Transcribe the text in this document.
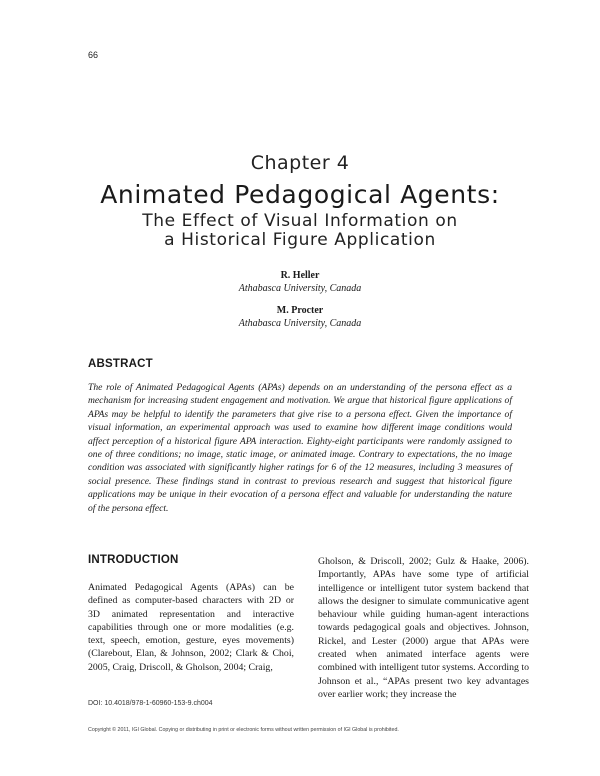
66
Chapter 4
Animated Pedagogical Agents:
The Effect of Visual Information on
a Historical Figure Application
R. Heller
Athabasca University, Canada
M. Procter
Athabasca University, Canada
ABSTRACT
The role of Animated Pedagogical Agents (APAs) depends on an understanding of the persona effect as a mechanism for increasing student engagement and motivation. We argue that historical figure applications of APAs may be helpful to identify the parameters that give rise to a persona effect. Given the importance of visual information, an experimental approach was used to examine how different image conditions would affect perception of a historical figure APA interaction. Eighty-eight participants were randomly assigned to one of three conditions; no image, static image, or animated image. Contrary to expectations, the no image condition was associated with significantly higher ratings for 6 of the 12 measures, including 3 measures of social presence. These findings stand in contrast to previous research and suggest that historical figure applications may be unique in their evocation of a persona effect and valuable for understanding the nature of the persona effect.
INTRODUCTION
Animated Pedagogical Agents (APAs) can be defined as computer-based characters with 2D or 3D animated representation and interactive capabilities through one or more modalities (e.g. text, speech, emotion, gesture, eyes movements) (Clarebout, Elan, & Johnson, 2002; Clark & Choi, 2005, Craig, Driscoll, & Gholson, 2004; Craig,
Gholson, & Driscoll, 2002; Gulz & Haake, 2006). Importantly, APAs have some type of artificial intelligence or intelligent tutor system backend that allows the designer to simulate communicative agent behaviour while guiding human-agent interactions towards pedagogical goals and objectives. Johnson, Rickel, and Lester (2000) argue that APAs were created when animated interface agents were combined with intelligent tutor systems. According to Johnson et al., “APAs present two key advantages over earlier work; they increase the
DOI: 10.4018/978-1-60960-153-9.ch004
Copyright © 2011, IGI Global. Copying or distributing in print or electronic forms without written permission of IGI Global is prohibited.
